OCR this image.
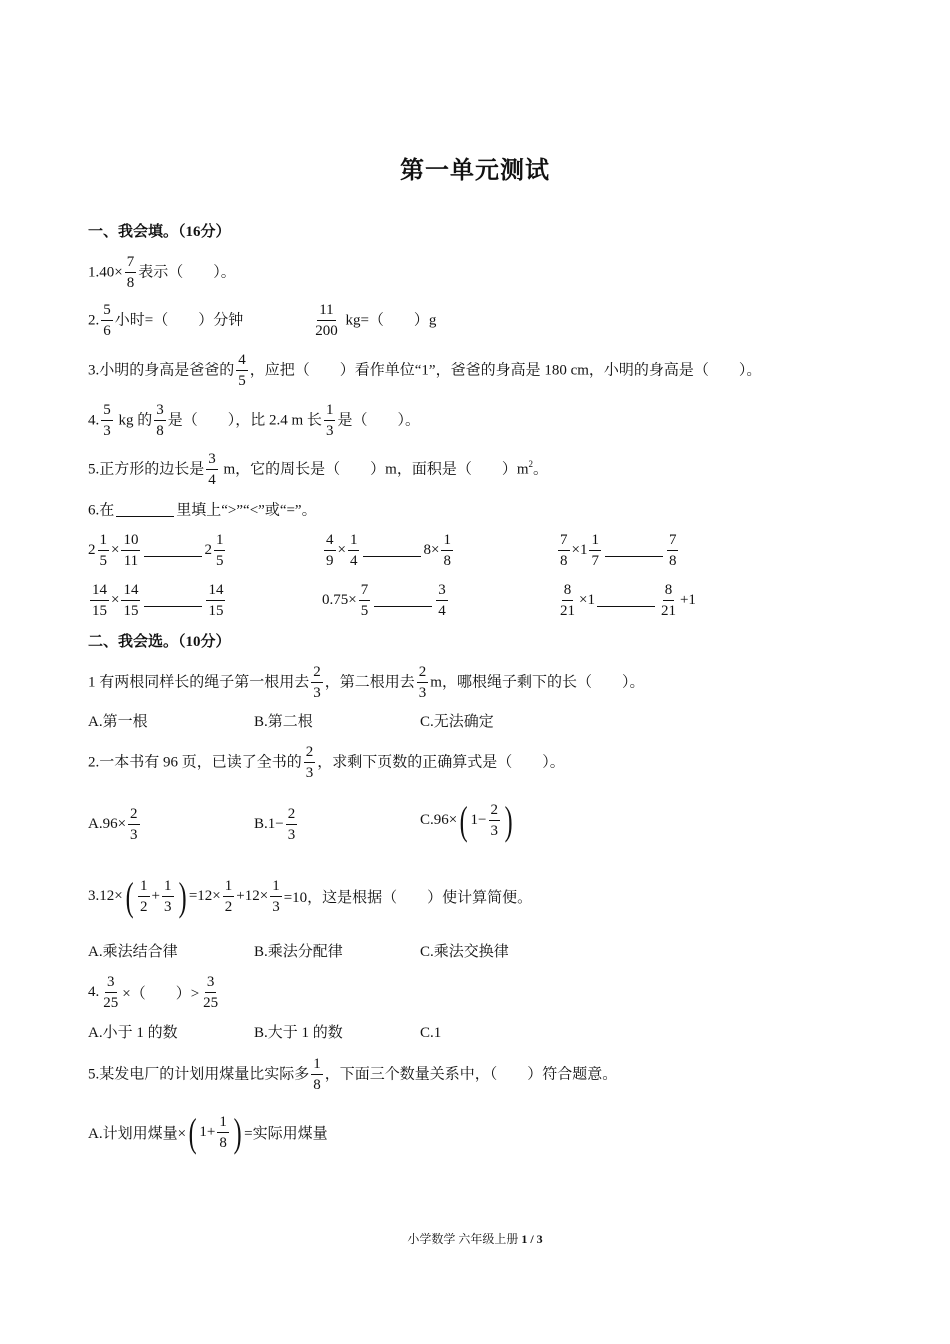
第一单元测试
一、我会填。（16分）
$1.40\times \frac{7}{8}$ 表示（　　）。
2. $\frac{5}{6}$ 小时=（　　）分钟	$\frac{11}{200} kg=$（　　）g
3.小明的身高是爸爸的 $\frac{4}{5}$ ，应把（　　）看作单位“1”，爸爸的身高是 180 cm，小明的身高是（　　）。
4. $\frac{5}{3}$ kg 的 $\frac{3}{8}$ 是（　　），比 2.4 m 长 $\frac{1}{3}$ 是（　　）。
5.正方形的边长是 $\frac{3}{4}$ m，它的周长是（　　）m，面积是（　　）$m^2$。
6.在	里填上“>”“<”或“=”。
$2 \frac{1}{5} \times \frac{10}{11}$	$2 \frac{1}{5}$	$\frac{4}{9} \times \frac{1}{4}$	$8\times \frac{1}{8}$	$\frac{7}{8} \times 1 \frac{1}{7}$	$\frac{7}{8}$
$\frac{14}{15} \times \frac{14}{15}$	$\frac{14}{15}$	$0.75\times \frac{7}{5}$	$\frac{3}{4}$	$\frac{8}{21} \times 1$	$\frac{8}{21} +1$
二、我会选。（10分）
1 有两根同样长的绳子第一根用去 $\frac{2}{3}$ ，第二根用去 $\frac{2}{3}$ m，哪根绳子剩下的长（　　）。
A.第一根	B.第二根	C.无法确定
2.一本书有 96 页，已读了全书的 $\frac{2}{3}$ ，求剩下页数的正确算式是（　　）。
$A.96\times \frac{2}{3}$	$B.1- \frac{2}{3}$	C.96× ( $1- \frac{2}{3}$ )
3.12× ( $\frac{1}{2} + \frac{1}{3}$ ) $=12\times \frac{1}{2} +12\times \frac{1}{3} =10$，这是根据（　　）使计算简便。
A.乘法结合律	B.乘法分配律	C.乘法交换律
4. $\frac{3}{25}$ ×（　　）> $\frac{3}{25}$
A.小于 1 的数	B.大于 1 的数	C.1
5.某发电厂的计划用煤量比实际多 $\frac{1}{8}$ ，下面三个数量关系中，（　　）符合题意。
A.计划用煤量× ( $1+ \frac{1}{8}$ ) =实际用煤量
小学数学 六年级上册 1 / 3
